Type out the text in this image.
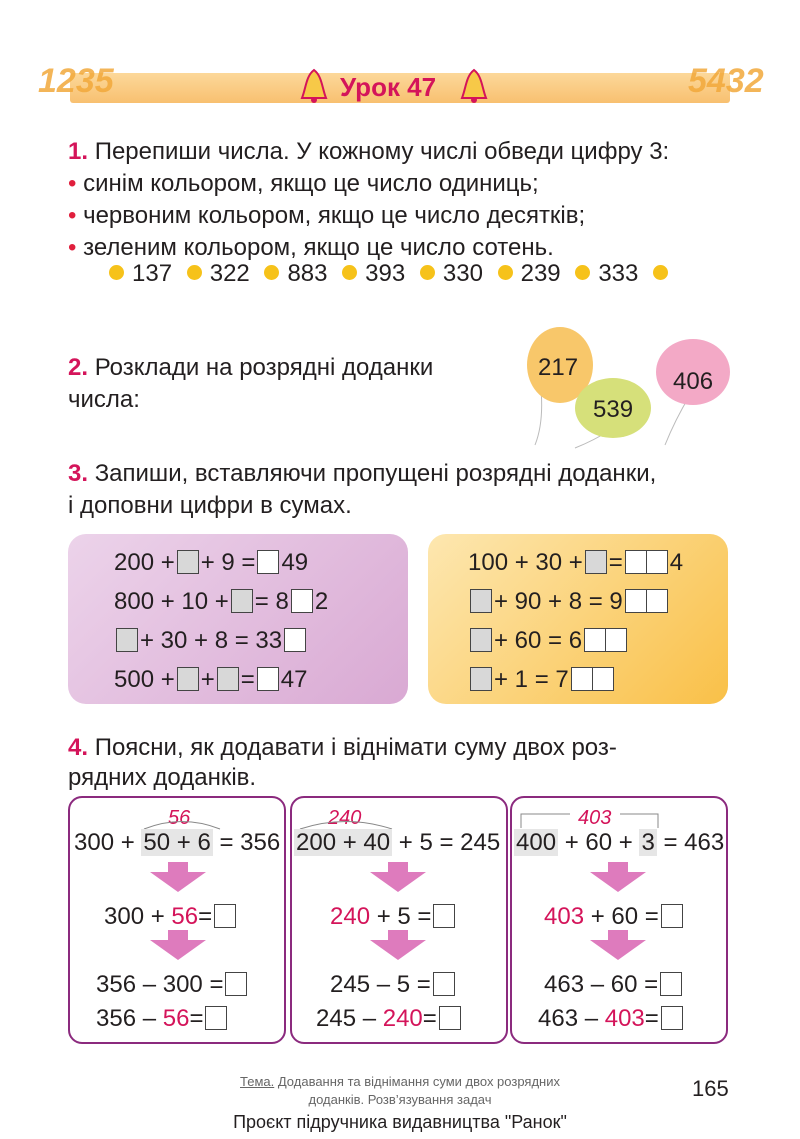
1235	5432
Урок 47
1. Перепиши числа. У кожному числі обведи цифру 3:
• синім кольором, якщо це число одиниць;
• червоним кольором, якщо це число десятків;
• зеленим кольором, якщо це число сотень.
137 322 883 393 330 239 333
2. Розклади на розрядні доданки
числа:
217
539
406
3. Запиши, вставляючи пропущені розрядні доданки,
і доповни цифри в сумах.
200 + + 9 = 49
800 + 10 + = 8 2
+ 30 + 8 = 33
500 + + = 47
100 + 30 + = 4
+ 90 + 8 = 9
+ 60 = 6
+ 1 = 7
4. Поясни, як додавати і віднімати суму двох роз-
рядних доданків.
56
300 + 50 + 6 = 356
300 + 56=
356 – 300 =
356 – 56=
240
200 + 40 + 5 = 245
240 + 5 =
245 – 5 =
245 – 240=
403
400 + 60 + 3 = 463
403 + 60 =
463 – 60 =
463 – 403=
Тема. Додавання та віднімання суми двох розрядних
доданків. Розв’язування задач	165
Проєкт підручника видавництва "Ранок"
